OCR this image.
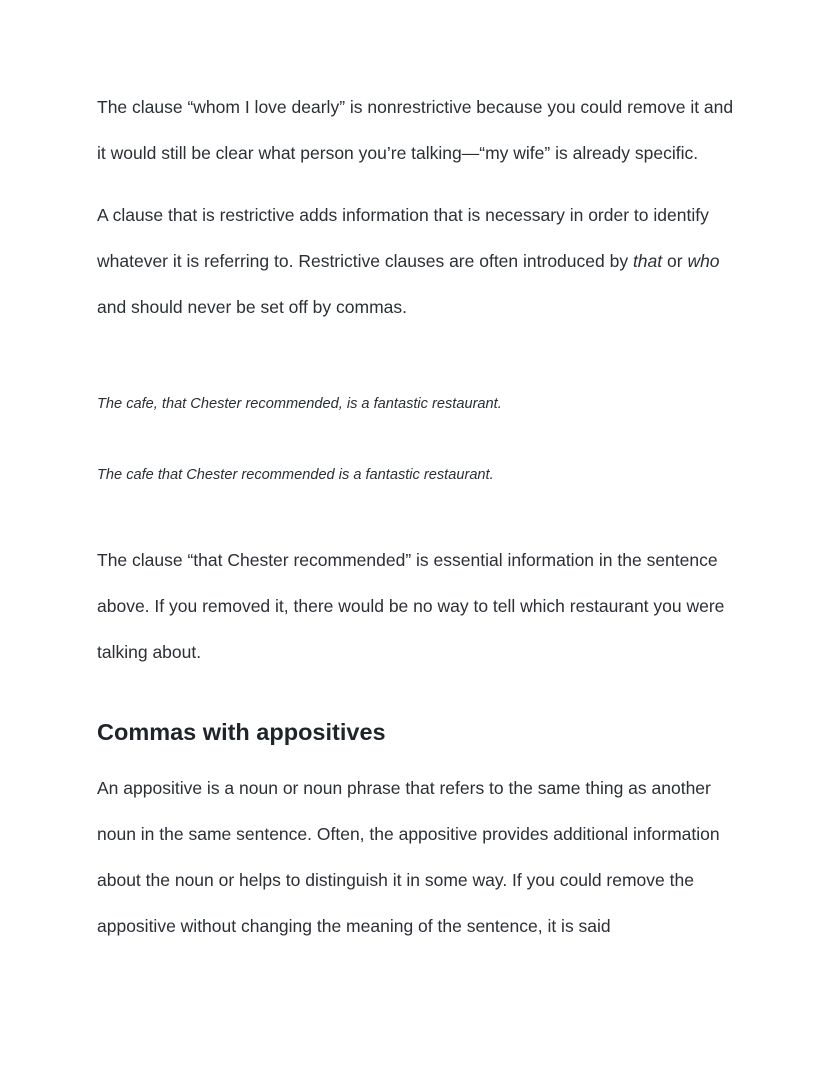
The clause “whom I love dearly” is nonrestrictive because you could remove it and it would still be clear what person you’re talking—“my wife” is already specific.

A clause that is restrictive adds information that is necessary in order to identify whatever it is referring to. Restrictive clauses are often introduced by that or who and should never be set off by commas.

The cafe, that Chester recommended, is a fantastic restaurant.

The cafe that Chester recommended is a fantastic restaurant.

The clause “that Chester recommended” is essential information in the sentence above. If you removed it, there would be no way to tell which restaurant you were talking about.

Commas with appositives

An appositive is a noun or noun phrase that refers to the same thing as another noun in the same sentence. Often, the appositive provides additional information about the noun or helps to distinguish it in some way. If you could remove the appositive without changing the meaning of the sentence, it is said
